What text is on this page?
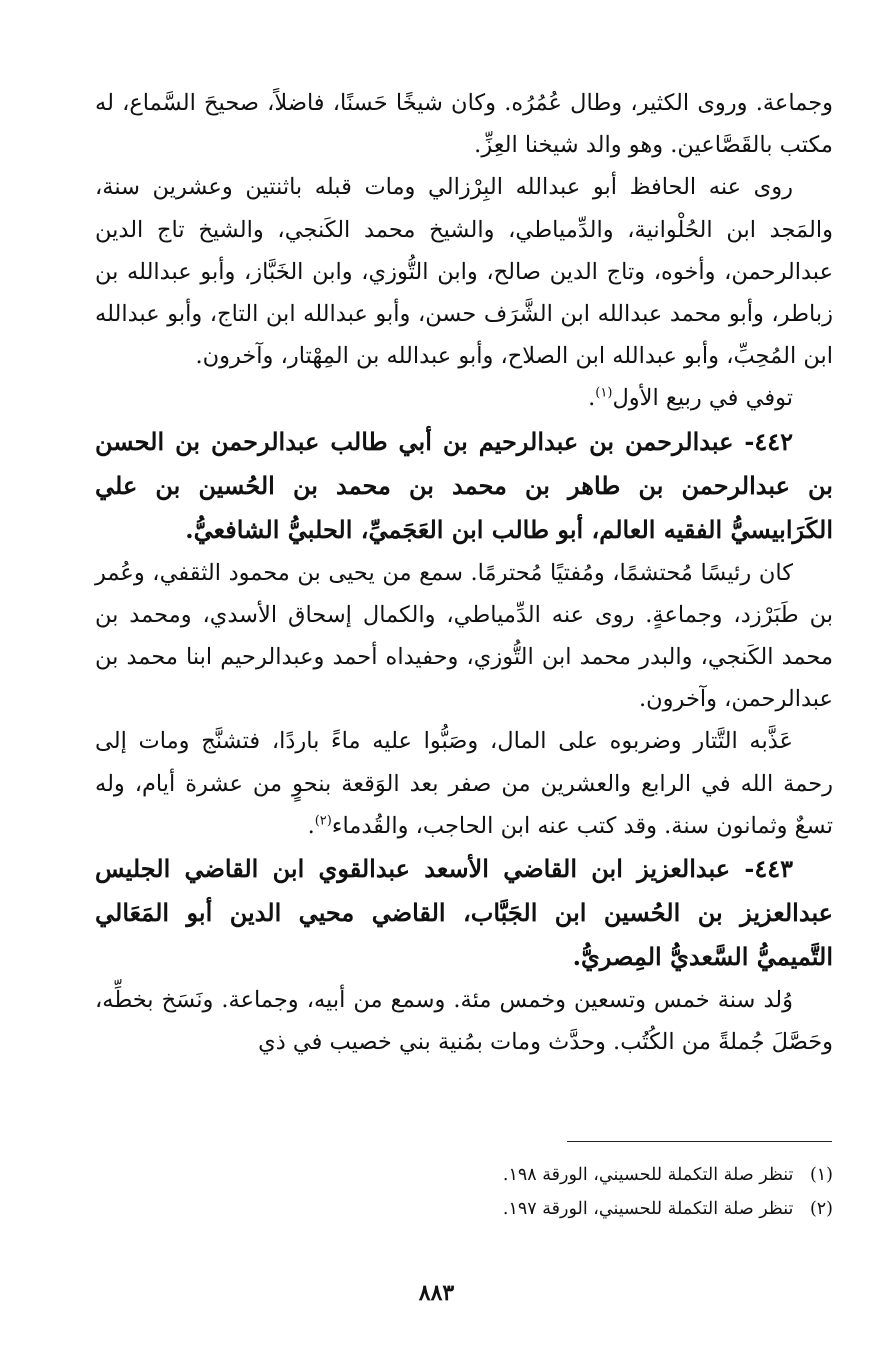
وجماعة. وروى الكثير، وطال عُمُرُه. وكان شيخًا حَسنًا، فاضلاً، صحيحَ السَّماع، له مكتب بالقَصَّاعين. وهو والد شيخنا العِزِّ.

روى عنه الحافظ أبو عبدالله البِرْزالي ومات قبله باثنتين وعشرين سنة، والمَجد ابن الحُلْوانية، والدِّمياطي، والشيخ محمد الكَنجي، والشيخ تاج الدين عبدالرحمن، وأخوه، وتاج الدين صالح، وابن التُّوزي، وابن الخَبَّاز، وأبو عبدالله بن زباطر، وأبو محمد عبدالله ابن الشَّرَف حسن، وأبو عبدالله ابن التاج، وأبو عبدالله ابن المُحِبِّ، وأبو عبدالله ابن الصلاح، وأبو عبدالله بن المِهْتار، وآخرون.

توفي في ربيع الأول$^{(١)}$.

٤٤٢- عبدالرحمن بن عبدالرحيم بن أبي طالب عبدالرحمن بن الحسن بن عبدالرحمن بن طاهر بن محمد بن محمد بن الحُسين بن علي الكَرَابيسيُّ الفقيه العالم، أبو طالب ابن العَجَميِّ، الحلبيُّ الشافعيُّ.

كان رئيسًا مُحتشمًا، ومُفتيًا مُحترمًا. سمع من يحيى بن محمود الثقفي، وعُمر بن طَبَرْزد، وجماعةٍ. روى عنه الدِّمياطي، والكمال إسحاق الأسدي، ومحمد بن محمد الكَنجي، والبدر محمد ابن التُّوزي، وحفيداه أحمد وعبدالرحيم ابنا محمد بن عبدالرحمن، وآخرون.

عَذَّبه التَّتار وضربوه على المال، وصَبُّوا عليه ماءً باردًا، فتشنَّج ومات إلى رحمة الله في الرابع والعشرين من صفر بعد الوَقعة بنحوٍ من عشرة أيام، وله تسعٌ وثمانون سنة. وقد كتب عنه ابن الحاجب، والقُدماء$^{(٢)}$.

٤٤٣- عبدالعزيز ابن القاضي الأسعد عبدالقوي ابن القاضي الجليس عبدالعزيز بن الحُسين ابن الجَبَّاب، القاضي محيي الدين أبو المَعَالي التَّميميُّ السَّعديُّ المِصريُّ.

وُلد سنة خمس وتسعين وخمس مئة. وسمع من أبيه، وجماعة. ونَسَخ بخطِّه، وحَصَّلَ جُملةً من الكُتُب. وحدَّث ومات بمُنية بني خصيب في ذي

(١) تنظر صلة التكملة للحسيني، الورقة ١٩٨.

(٢) تنظر صلة التكملة للحسيني، الورقة ١٩٧.

٨٨٣
